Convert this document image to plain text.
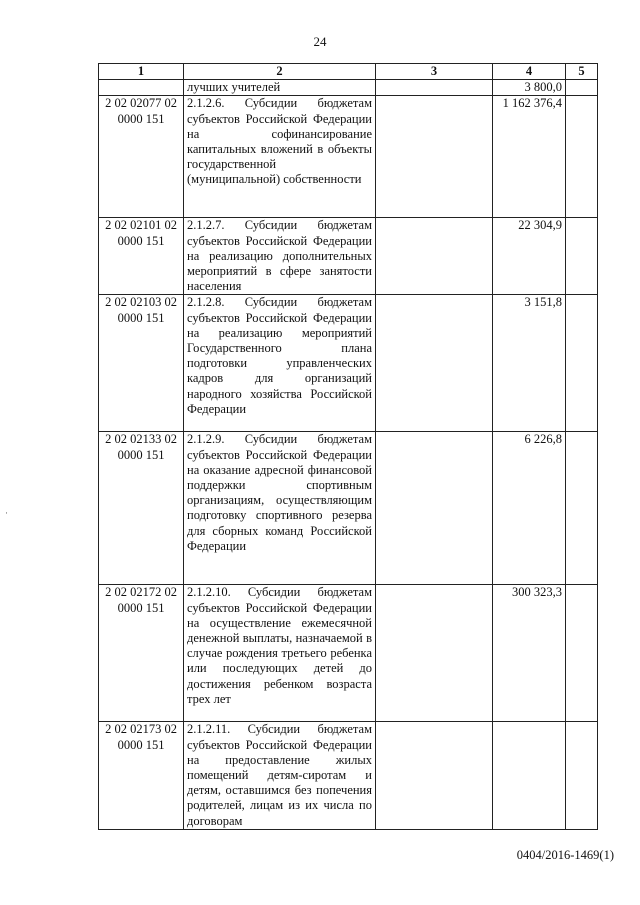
24
1	2	3	4	5
	лучших учителей		3 800,0	

2 02 02077 02 0000 151	2.1.2.6. Субсидии бюджетам субъектов Российской Федерации на софинансирование капитальных вложений в объекты государственной (муниципальной) собственности		1 162 376,4	

2 02 02101 02 0000 151	2.1.2.7. Субсидии бюджетам субъектов Российской Федерации на реализацию дополнительных мероприятий в сфере занятости населения		22 304,9	

2 02 02103 02 0000 151	2.1.2.8. Субсидии бюджетам субъектов Российской Федерации на реализацию мероприятий Государственного плана подготовки управленческих кадров для организаций народного хозяйства Российской Федерации		3 151,8	

2 02 02133 02 0000 151	2.1.2.9. Субсидии бюджетам субъектов Российской Федерации на оказание адресной финансовой поддержки спортивным организациям, осуществляющим подготовку спортивного резерва для сборных команд Российской Федерации		6 226,8	

2 02 02172 02 0000 151	2.1.2.10. Субсидии бюджетам субъектов Российской Федерации на осуществление ежемесячной денежной выплаты, назначаемой в случае рождения третьего ребенка или последующих детей до достижения ребенком возраста трех лет		300 323,3	

2 02 02173 02 0000 151	2.1.2.11. Субсидии бюджетам субъектов Российской Федерации на предоставление жилых помещений детям-сиротам и детям, оставшимся без попечения родителей, лицам из их числа по договорам		

·
0404/2016-1469(1)
